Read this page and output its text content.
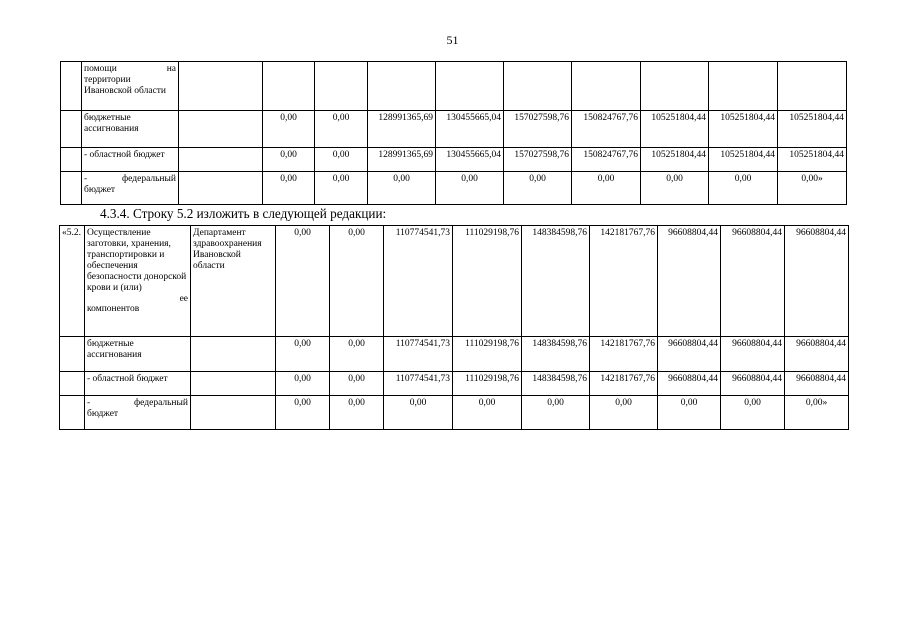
51

	помощи на
территории Ивановской области										

	бюджетные ассигнования		0,00	0,00	128991365,69	130455665,04	157027598,76	150824767,76	105251804,44	105251804,44	105251804,44
	- областной бюджет		0,00	0,00	128991365,69	130455665,04	157027598,76	150824767,76	105251804,44	105251804,44	105251804,44

	- федеральный
бюджет		0,00	0,00	0,00	0,00	0,00	0,00	0,00	0,00	0,00»
4.3.4. Строку 5.2 изложить в следующей редакции:
«5.2.	Осуществление заготовки, хранения, транспортировки и обеспечения безопасности донорской крови и (или)
ее
компонентов	Департамент здравоохранения Ивановской области	0,00	0,00	110774541,73	111029198,76	148384598,76	142181767,76	96608804,44	96608804,44	96608804,44
	бюджетные ассигнования		0,00	0,00	110774541,73	111029198,76	148384598,76	142181767,76	96608804,44	96608804,44	96608804,44
	- областной бюджет		0,00	0,00	110774541,73	111029198,76	148384598,76	142181767,76	96608804,44	96608804,44	96608804,44

	- федеральный
бюджет		0,00	0,00	0,00	0,00	0,00	0,00	0,00	0,00	0,00»
